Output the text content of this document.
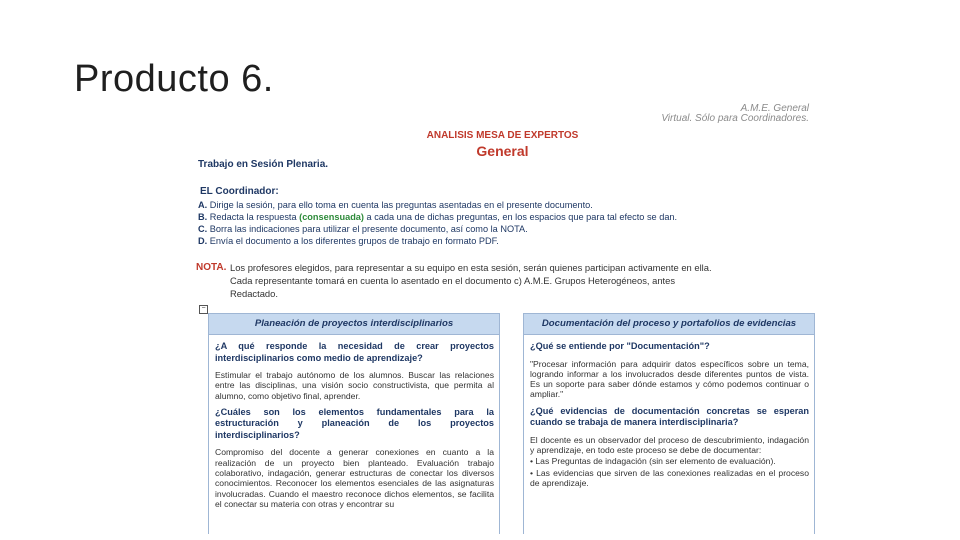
Producto 6.
A.M.E. General
Virtual. Sólo para Coordinadores.
ANALISIS MESA DE EXPERTOS
General
Trabajo en Sesión Plenaria.
EL Coordinador:
A. Dirige la sesión, para ello toma en cuenta las preguntas asentadas en el presente documento.
B. Redacta la respuesta (consensuada) a cada una de dichas preguntas, en los espacios que para tal efecto se dan.
C. Borra las indicaciones para utilizar el presente documento, así como la NOTA.
D. Envía el documento a los diferentes grupos de trabajo en formato PDF.
NOTA. Los profesores elegidos, para representar a su equipo en esta sesión, serán quienes participan activamente en ella.
Cada representante tomará en cuenta lo asentado en el documento c) A.M.E. Grupos Heterogéneos, antes
Redactado.
−
Planeación de proyectos interdisciplinarios
¿A qué responde la necesidad de crear proyectos interdisciplinarios como medio de aprendizaje?
Estimular el trabajo autónomo de los alumnos. Buscar las relaciones entre las disciplinas, una visión socio constructivista, que permita al alumno, como objetivo final, aprender.
¿Cuáles son los elementos fundamentales para la estructuración y planeación de los proyectos interdisciplinarios?
Compromiso del docente a generar conexiones en cuanto a la realización de un proyecto bien planteado. Evaluación trabajo colaborativo, indagación, generar estructuras de conectar los diversos conocimientos. Reconocer los elementos esenciales de las asignaturas involucradas. Cuando el maestro reconoce dichos elementos, se facilita el conectar su materia con otras y encontrar su
Documentación del proceso y portafolios de evidencias
¿Qué se entiende por "Documentación"?
"Procesar información para adquirir datos específicos sobre un tema, logrando informar a los involucrados desde diferentes puntos de vista. Es un soporte para saber dónde estamos y cómo podemos continuar o ampliar."
¿Qué evidencias de documentación concretas se esperan cuando se trabaja de manera interdisciplinaria?
El docente es un observador del proceso de descubrimiento, indagación y aprendizaje, en todo este proceso se debe de documentar:
• Las Preguntas de indagación (sin ser elemento de evaluación).
• Las evidencias que sirven de las conexiones realizadas en el proceso de aprendizaje.
